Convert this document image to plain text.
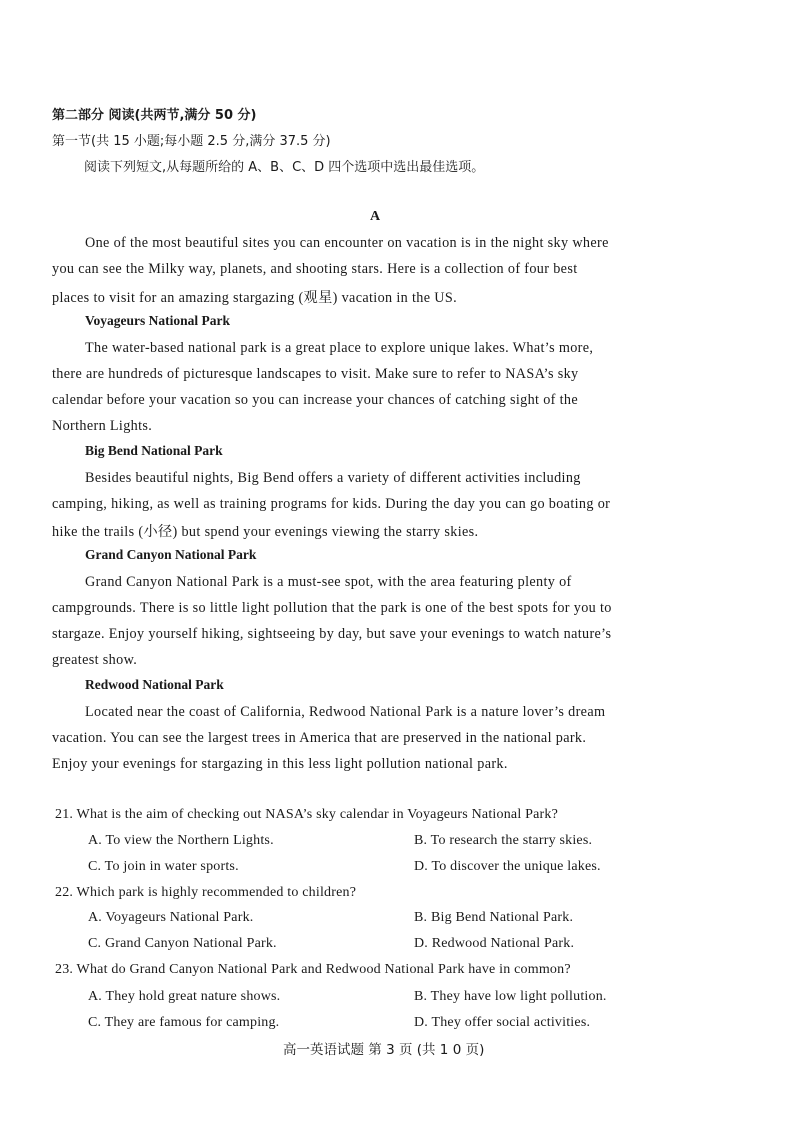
第二部分 阅读(共两节,满分 50 分)
第一节(共 15 小题;每小题 2.5 分,满分 37.5 分)
阅读下列短文,从每题所给的 A、B、C、D 四个选项中选出最佳选项。
A
One of the most beautiful sites you can encounter on vacation is in the night sky where
you can see the Milky way, planets, and shooting stars. Here is a collection of four best
places to visit for an amazing stargazing (观星) vacation in the US.
Voyageurs National Park
The water-based national park is a great place to explore unique lakes. What’s more,
there are hundreds of picturesque landscapes to visit. Make sure to refer to NASA’s sky
calendar before your vacation so you can increase your chances of catching sight of the
Northern Lights.
Big Bend National Park
Besides beautiful nights, Big Bend offers a variety of different activities including
camping, hiking, as well as training programs for kids. During the day you can go boating or
hike the trails (小径) but spend your evenings viewing the starry skies.
Grand Canyon National Park
Grand Canyon National Park is a must-see spot, with the area featuring plenty of
campgrounds. There is so little light pollution that the park is one of the best spots for you to
stargaze. Enjoy yourself hiking, sightseeing by day, but save your evenings to watch nature’s
greatest show.
Redwood National Park
Located near the coast of California, Redwood National Park is a nature lover’s dream
vacation. You can see the largest trees in America that are preserved in the national park.
Enjoy your evenings for stargazing in this less light pollution national park.
21. What is the aim of checking out NASA’s sky calendar in Voyageurs National Park?
A. To view the Northern Lights.	B. To research the starry skies.
C. To join in water sports.	D. To discover the unique lakes.
22. Which park is highly recommended to children?
A. Voyageurs National Park.	B. Big Bend National Park.
C. Grand Canyon National Park.	D. Redwood National Park.
23. What do Grand Canyon National Park and Redwood National Park have in common?
A. They hold great nature shows.	B. They have low light pollution.
C. They are famous for camping.	D. They offer social activities.
高一英语试题 第 3 页 (共 1 0 页)
